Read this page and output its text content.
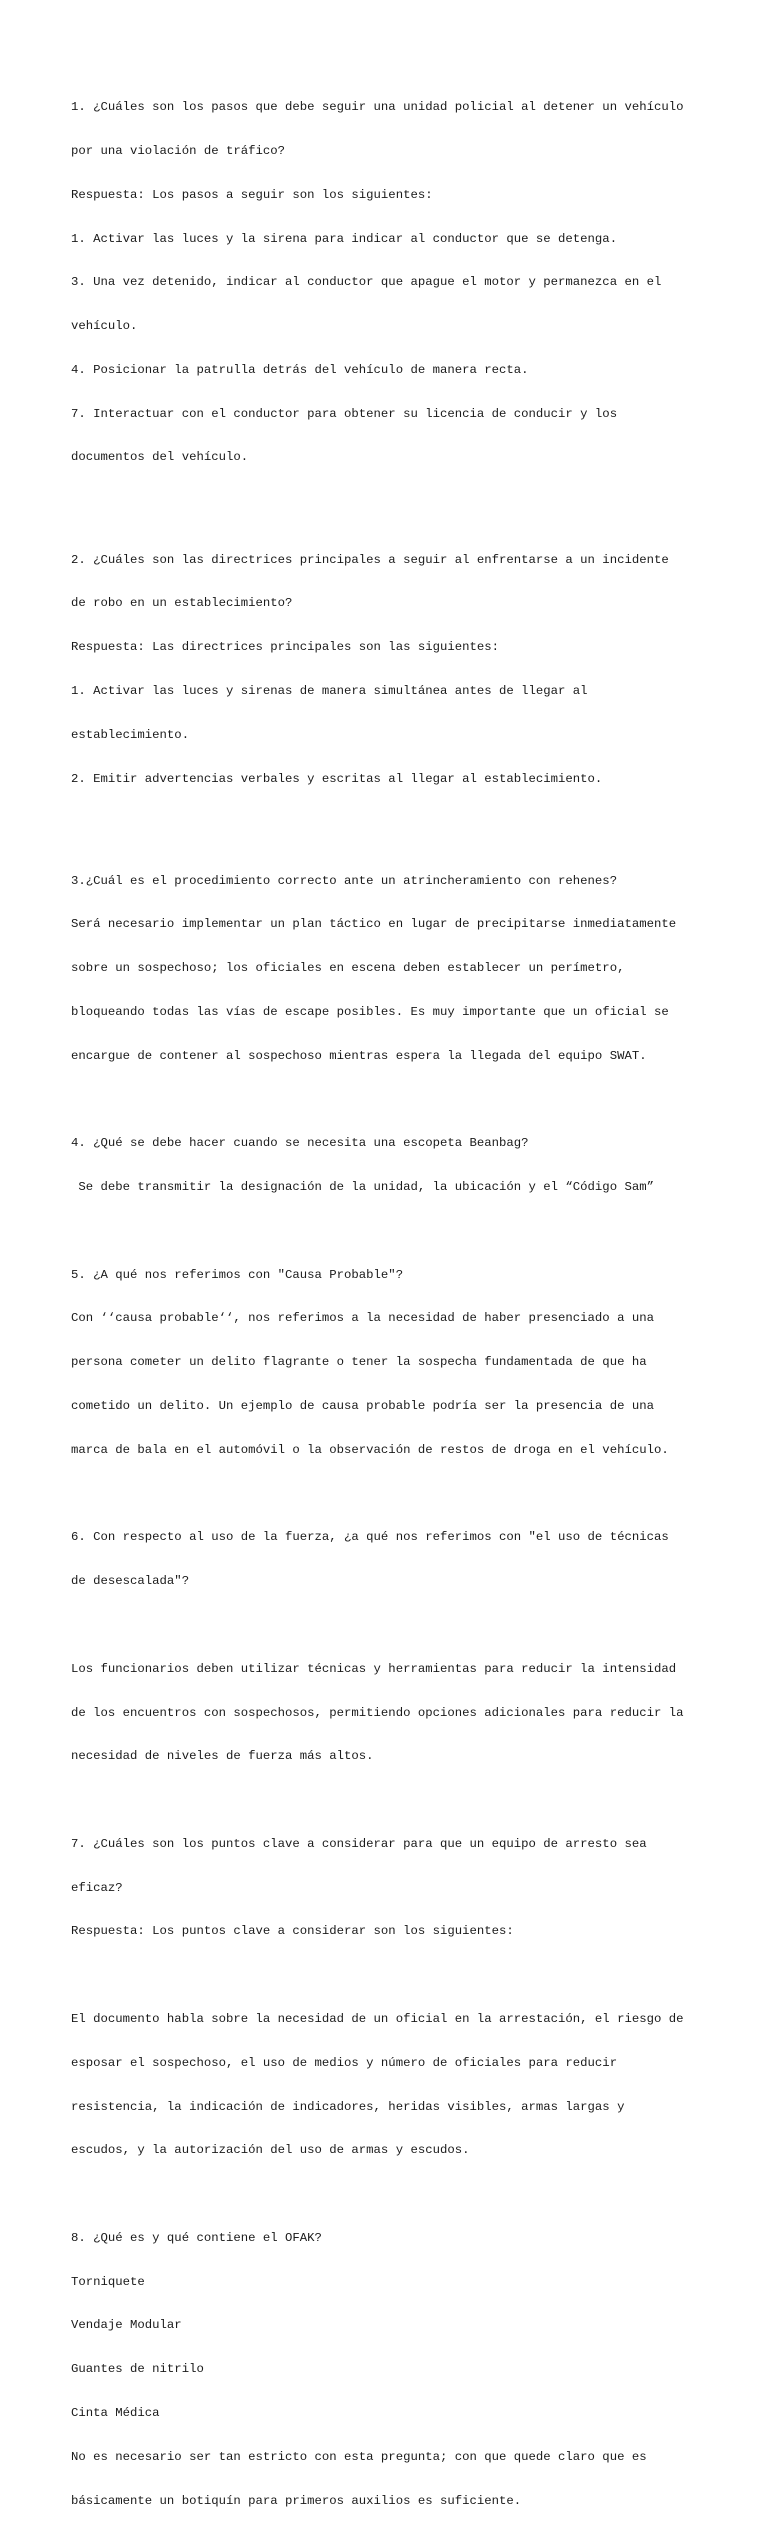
1. ¿Cuáles son los pasos que debe seguir una unidad policial al detener un vehículo

por una violación de tráfico?

Respuesta: Los pasos a seguir son los siguientes:

1. Activar las luces y la sirena para indicar al conductor que se detenga.

3. Una vez detenido, indicar al conductor que apague el motor y permanezca en el

vehículo.

4. Posicionar la patrulla detrás del vehículo de manera recta.

7. Interactuar con el conductor para obtener su licencia de conducir y los

documentos del vehículo.

2. ¿Cuáles son las directrices principales a seguir al enfrentarse a un incidente

de robo en un establecimiento?

Respuesta: Las directrices principales son las siguientes:

1. Activar las luces y sirenas de manera simultánea antes de llegar al

establecimiento.

2. Emitir advertencias verbales y escritas al llegar al establecimiento.

3.¿Cuál es el procedimiento correcto ante un atrincheramiento con rehenes?

Será necesario implementar un plan táctico en lugar de precipitarse inmediatamente

sobre un sospechoso; los oficiales en escena deben establecer un perímetro,

bloqueando todas las vías de escape posibles. Es muy importante que un oficial se

encargue de contener al sospechoso mientras espera la llegada del equipo SWAT.

4. ¿Qué se debe hacer cuando se necesita una escopeta Beanbag?

Se debe transmitir la designación de la unidad, la ubicación y el “Código Sam”

5. ¿A qué nos referimos con "Causa Probable"?

Con ‘‘causa probable‘‘, nos referimos a la necesidad de haber presenciado a una

persona cometer un delito flagrante o tener la sospecha fundamentada de que ha

cometido un delito. Un ejemplo de causa probable podría ser la presencia de una

marca de bala en el automóvil o la observación de restos de droga en el vehículo.

6. Con respecto al uso de la fuerza, ¿a qué nos referimos con "el uso de técnicas

de desescalada"?

Los funcionarios deben utilizar técnicas y herramientas para reducir la intensidad

de los encuentros con sospechosos, permitiendo opciones adicionales para reducir la

necesidad de niveles de fuerza más altos.

7. ¿Cuáles son los puntos clave a considerar para que un equipo de arresto sea

eficaz?

Respuesta: Los puntos clave a considerar son los siguientes:

El documento habla sobre la necesidad de un oficial en la arrestación, el riesgo de

esposar el sospechoso, el uso de medios y número de oficiales para reducir

resistencia, la indicación de indicadores, heridas visibles, armas largas y

escudos, y la autorización del uso de armas y escudos.

8. ¿Qué es y qué contiene el OFAK?

Torniquete

Vendaje Modular

Guantes de nitrilo

Cinta Médica

No es necesario ser tan estricto con esta pregunta; con que quede claro que es

básicamente un botiquín para primeros auxilios es suficiente.
